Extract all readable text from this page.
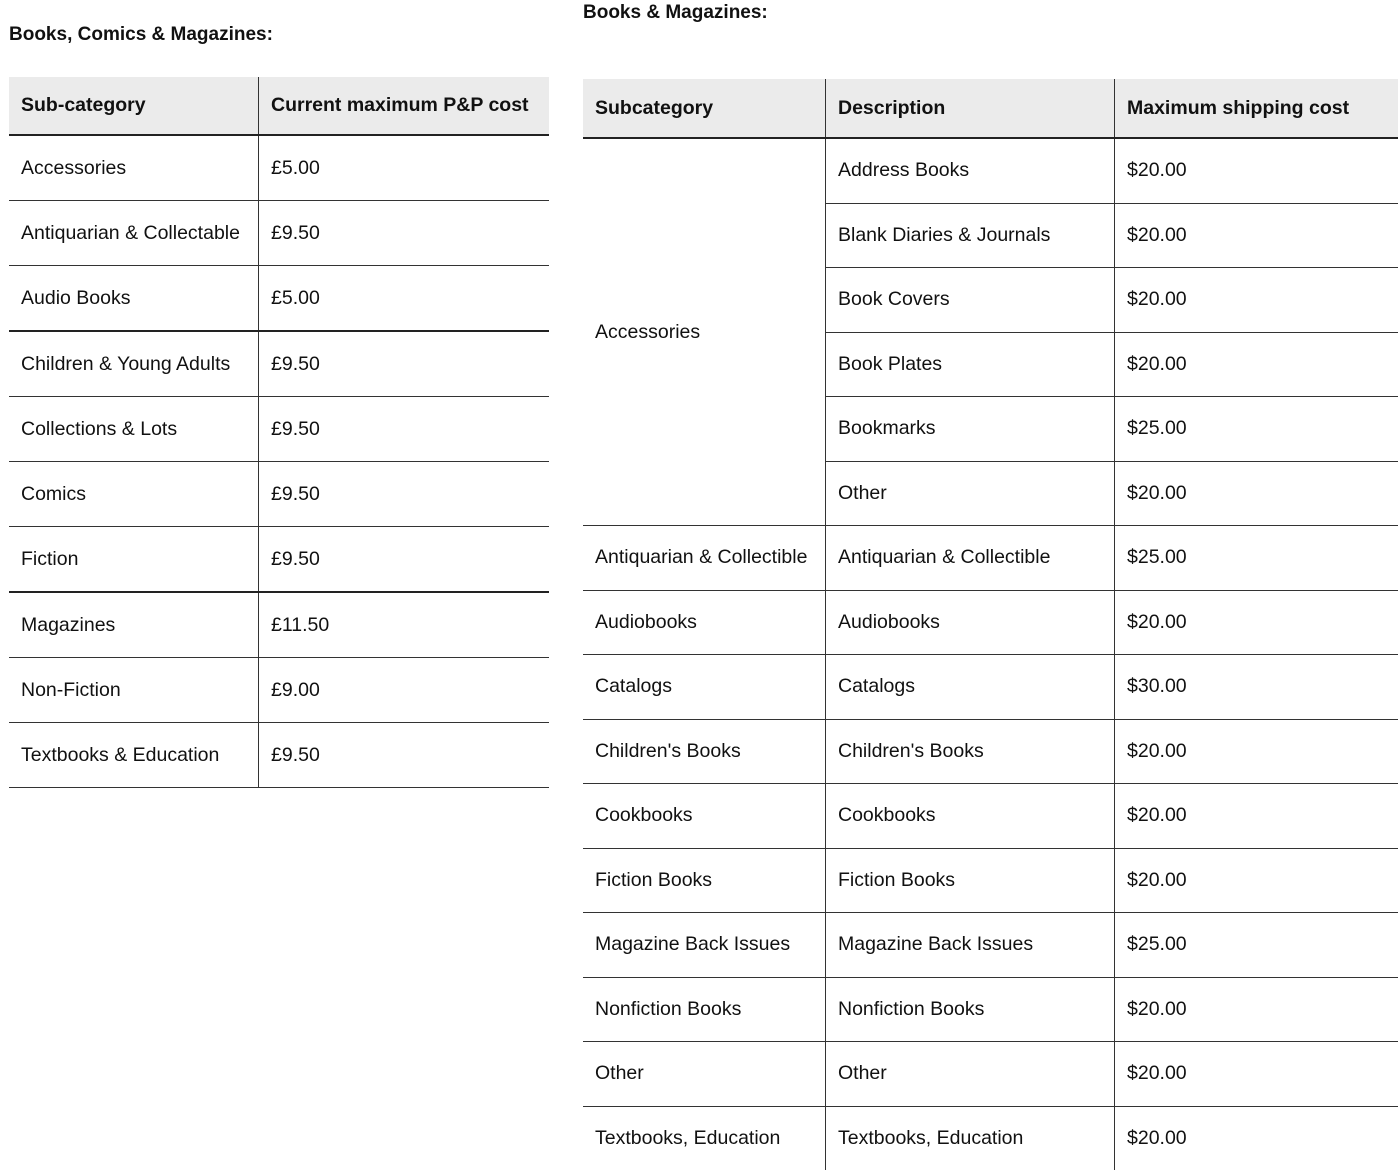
Books, Comics & Magazines:
Sub-category	Current maximum P&P cost
Accessories	£5.00
Antiquarian & Collectable	£9.50
Audio Books	£5.00
Children & Young Adults	£9.50
Collections & Lots	£9.50
Comics	£9.50
Fiction	£9.50
Magazines	£11.50
Non-Fiction	£9.00
Textbooks & Education	£9.50
Books & Magazines:
Subcategory	Description	Maximum shipping cost
Accessories	Address Books	$20.00
	Blank Diaries & Journals	$20.00
	Book Covers	$20.00
	Book Plates	$20.00
	Bookmarks	$25.00
	Other	$20.00
Antiquarian & Collectible	Antiquarian & Collectible	$25.00
Audiobooks	Audiobooks	$20.00
Catalogs	Catalogs	$30.00
Children's Books	Children's Books	$20.00
Cookbooks	Cookbooks	$20.00
Fiction Books	Fiction Books	$20.00
Magazine Back Issues	Magazine Back Issues	$25.00
Nonfiction Books	Nonfiction Books	$20.00
Other	Other	$20.00
Textbooks, Education	Textbooks, Education	$20.00
